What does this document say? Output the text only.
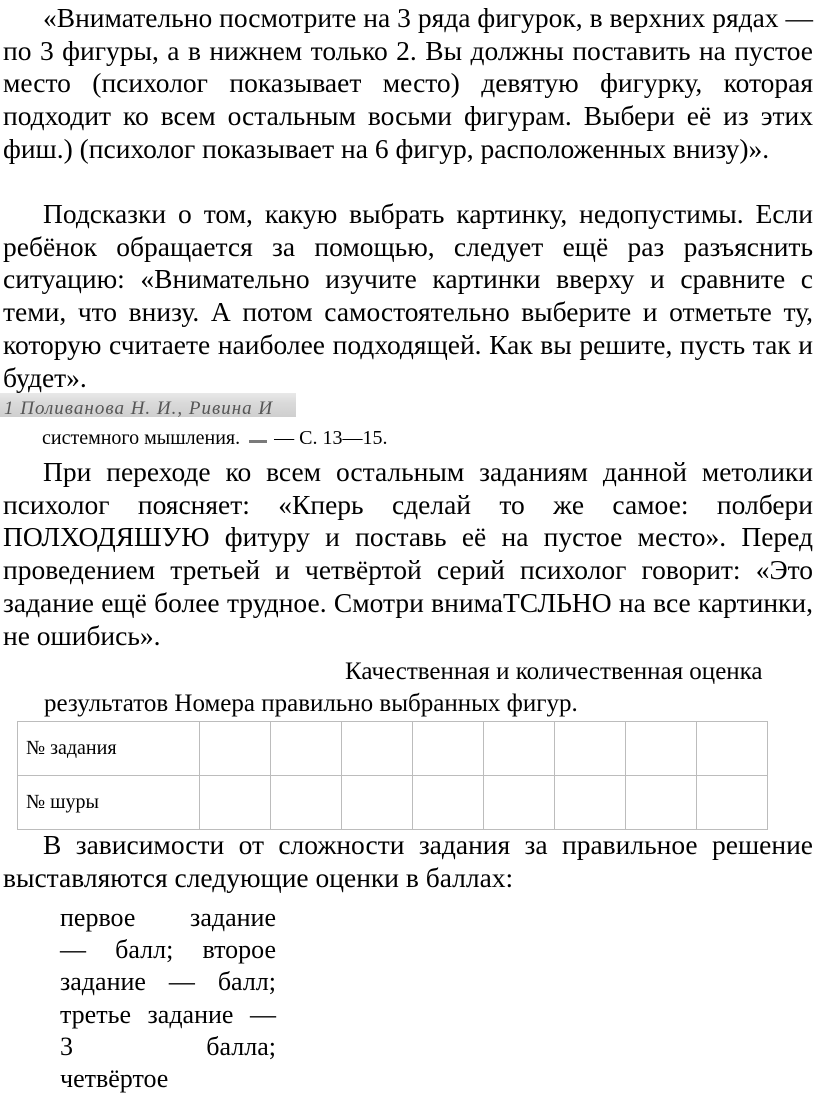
«Внимательно посмотрите на 3 ряда фигурок, в верхних рядах — по 3 фигуры, а в нижнем только 2. Вы должны поставить на пустое место (психолог показывает место) девятую фигурку, которая подходит ко всем остальным восьми фигурам. Выбери её из этих фиш.) (психолог показывает на 6 фигур, расположенных внизу)».

Подсказки о том, какую выбрать картинку, недопустимы. Если ребёнок обращается за помощью, следует ещё раз разъяснить ситуацию: «Внимательно изучите картинки вверху и сравните с теми, что внизу. А потом самостоятельно выберите и отметьте ту, которую считаете наиболее подходящей. Как вы решите, пусть так и будет».

1 Поливанова Н. И., Ривина И
системного мышления. — С. 13—15.

При переходе ко всем остальным заданиям данной метолики психолог поясняет: «Кперь сделай то же самое: полбери ПОЛХОДЯШУЮ фитуру и поставь её на пустое место». Перед проведением третьей и четвёртой серий психолог говорит: «Это задание ещё более трудное. Смотри внимаТСЛЬНО на все картинки, не ошибись».

Качественная и количественная оценка
результатов Номера правильно выбранных фигур.
№ задания								
№ шуры								

В зависимости от сложности задания за правильное решение выставляются следующие оценки в баллах:

первое задание
— балл; второе
задание — балл;
третье задание —
3 балла;
четвёртое
